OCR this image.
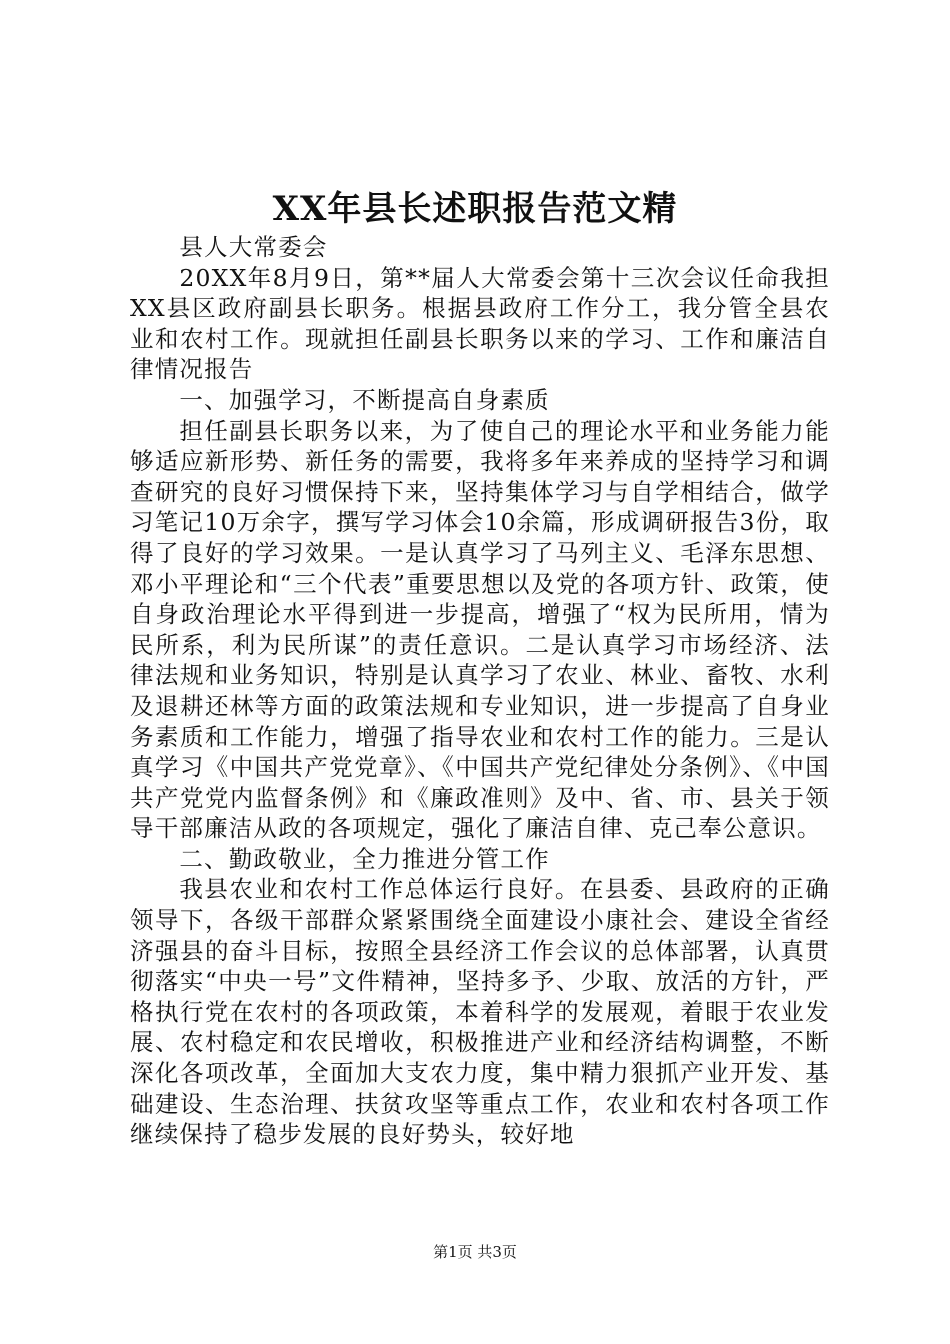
XX年县长述职报告范文精

县人大常委会

20XX年8月9日，第**届人大常委会第十三次会议任命我担XX县区政府副县长职务。根据县政府工作分工，我分管全县农业和农村工作。现就担任副县长职务以来的学习、工作和廉洁自律情况报告

一、加强学习，不断提高自身素质

担任副县长职务以来，为了使自己的理论水平和业务能力能够适应新形势、新任务的需要，我将多年来养成的坚持学习和调查研究的良好习惯保持下来，坚持集体学习与自学相结合，做学习笔记10万余字，撰写学习体会10余篇，形成调研报告3份，取得了良好的学习效果。一是认真学习了马列主义、毛泽东思想、邓小平理论和“三个代表”重要思想以及党的各项方针、政策，使自身政治理论水平得到进一步提高，增强了“权为民所用，情为民所系，利为民所谋”的责任意识。二是认真学习市场经济、法律法规和业务知识，特别是认真学习了农业、林业、畜牧、水利及退耕还林等方面的政策法规和专业知识，进一步提高了自身业务素质和工作能力，增强了指导农业和农村工作的能力。三是认真学习《中国共产党党章》、《中国共产党纪律处分条例》、《中国共产党党内监督条例》和《廉政准则》及中、省、市、县关于领导干部廉洁从政的各项规定，强化了廉洁自律、克己奉公意识。

二、勤政敬业，全力推进分管工作

我县农业和农村工作总体运行良好。在县委、县政府的正确领导下，各级干部群众紧紧围绕全面建设小康社会、建设全省经济强县的奋斗目标，按照全县经济工作会议的总体部署，认真贯彻落实“中央一号”文件精神，坚持多予、少取、放活的方针，严格执行党在农村的各项政策，本着科学的发展观，着眼于农业发展、农村稳定和农民增收，积极推进产业和经济结构调整，不断深化各项改革，全面加大支农力度，集中精力狠抓产业开发、基础建设、生态治理、扶贫攻坚等重点工作，农业和农村各项工作继续保持了稳步发展的良好势头，较好地

第1页 共3页
